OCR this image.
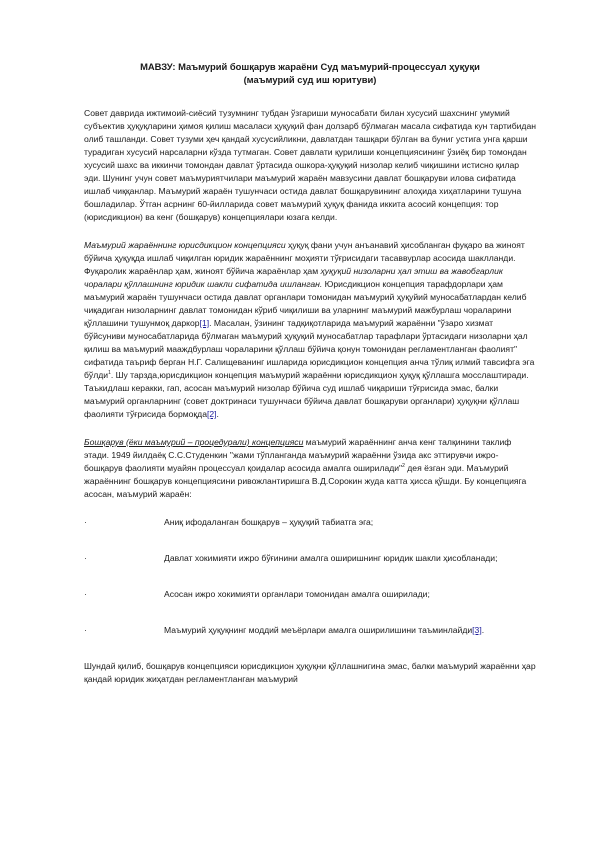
МАВЗУ: Маъмурий бошқарув жараёни Суд маъмурий-процессуал ҳуқуқи
(маъмурий суд иш юритуви)

Совет даврида ижтимоий-сиёсий тузумнинг тубдан ўзгариши муносабати билан хусусий шахснинг умумий субъектив ҳуқуқларини ҳимоя қилиш масаласи ҳуқуқий фан долзарб бўлмаган масала сифатида кун тартибидан олиб ташланди. Совет тузуми ҳеч қандай хусусийликни, давлатдан ташқари бўлган ва буниг устига унга қарши турадиган хусусий нарсаларни кўзда тутмаган. Совет давлати қурилиши концепциясининг ўзиёқ бир томондан хусусий шахс ва иккинчи томондан давлат ўртасида ошкора-ҳуқуқий низолар келиб чиқишини истисно қилар эди. Шунинг учун совет маъмуриятчилари маъмурий жараён мавзусини давлат бошқаруви илова сифатида ишлаб чиққанлар. Маъмурий жараён тушунчаси остида давлат бошқарувининг алоҳида хиҳатларини тушуна бошладилар. Ўтган асрнинг 60-йилларида совет маъмурий ҳуқуқ фанида иккита асосий концепция: тор (юрисдикцион) ва кенг (бошқарув) концепциялари юзага келди.

Маъмурий жараённинг юрисдикцион концепцияси ҳуқуқ фани учун анъанавий ҳисобланган фуқаро ва жиноят бўйича ҳуқуқда ишлаб чиқилган юридик жараённинг моҳияти тўғрисидаги тасаввурлар асосида шаклланди. Фуқаролик жараёнлар ҳам, жиноят бўйича жараёнлар ҳам ҳуқуқий низоларни ҳал этиш ва жавобгарлик чоралари қўллашнинг юридик шакли сифатида ишланган. Юрисдикцион концепция тарафдорлари ҳам маъмурий жараён тушунчаси остида давлат органлари томонидан маъмурий ҳуқуйий муносабатлардан келиб чиқадиган низоларнинг давлат томонидан кўриб чиқилиши ва уларнинг маъмурий мажбурлаш чораларини қўллашини тушунмоқ даркор[1]. Масалан, ўзининг тадқиқотларида маъмурий жараённи "ўзаро хизмат бўйсуниви муносабатларида бўлмаган маъмурий ҳуқуқий муносабатлар тарафлари ўртасидаги низоларни ҳал қилиш ва маъмурий мааждбурлаш чораларини қўллаш бўйича қонун томонидан регламентланган фаолият" сифатида таъриф берган Н.Г. Салищеванинг ишларида юрисдикцион концепция анча тўлиқ илмий тавсифга эга бўлди$^1$. Шу тарзда,юрисдикцион концепция маъмурий жараённи юрисдикцион ҳуқуқ қўллашга мосслаштиради. Таъкидлаш керакки, гап, асосан маъмурий низолар бўйича суд ишлаб чиқариши тўғрисида эмас, балки маъмурий органларнинг (совет доктринаси тушунчаси бўйича давлат бошқаруви органлари) ҳуқуқни қўллаш фаолияти тўғрисида бормоқда[2].

Бошқарув (ёки маъмурий – процедурали) концепцияси маъмурий жараённинг анча кенг талқинини таклиф этади. 1949 йилдаёқ С.С.Студенкин "жами тўпланганда маъмурий жараённи ўзида акс эттирувчи ижро-бошқарув фаолияти муайян процессуал қоидалар асосида амалга оширилади"$^2$ дея ёзган эди. Маъмурий жараённинг бошқарув концепциясини ривожлантиришга В.Д.Сорокин жуда катта ҳисса қўшди. Бу концепцияга асосан, маъмурий жараён:

·	Аниқ ифодаланган бошқарув – ҳуқуқий табиатга эга;
·	Давлат хокимияти ижро бўғинини амалга оширишнинг юридик шакли ҳисобланади;
·	Асосан ижро хокимияти органлари томонидан амалга оширилади;
·	Маъмурий ҳуқуқнинг моддий меъёрлари амалга оширилишини таъминлайди[3].

Шундай қилиб, бошқарув концепцияси юрисдикцион ҳуқуқни қўллашнигина эмас, балки маъмурий жараённи ҳар қандай юридик жиҳатдан регламентланган маъмурий
